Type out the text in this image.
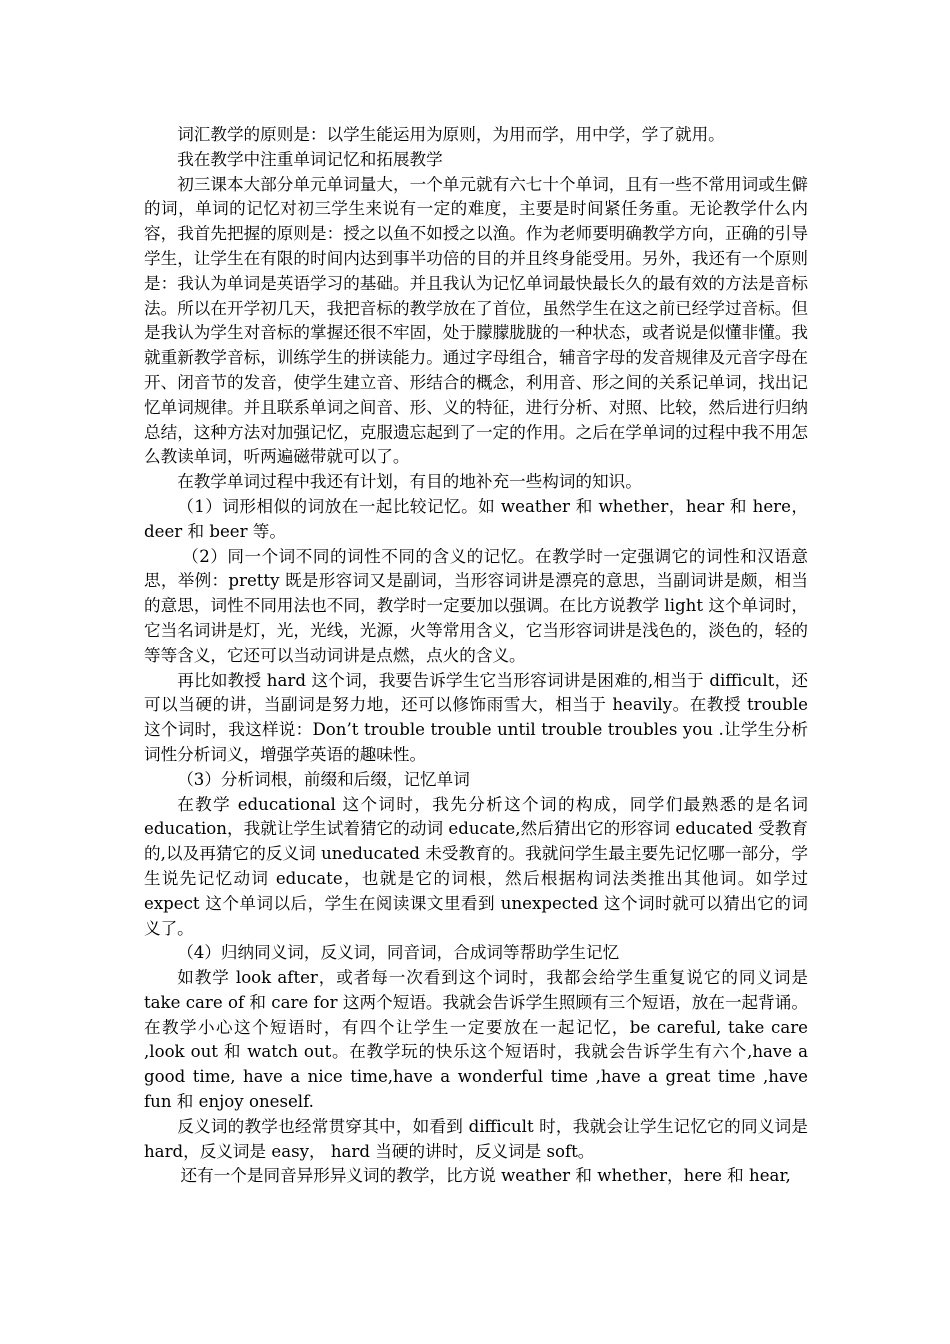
词汇教学的原则是：以学生能运用为原则，为用而学，用中学，学了就用。

我在教学中注重单词记忆和拓展教学

初三课本大部分单元单词量大，一个单元就有六七十个单词，且有一些不常用词或生僻的词，单词的记忆对初三学生来说有一定的难度，主要是时间紧任务重。无论教学什么内容，我首先把握的原则是：授之以鱼不如授之以渔。作为老师要明确教学方向，正确的引导学生，让学生在有限的时间内达到事半功倍的目的并且终身能受用。另外，我还有一个原则是：我认为单词是英语学习的基础。并且我认为记忆单词最快最长久的最有效的方法是音标法。所以在开学初几天，我把音标的教学放在了首位，虽然学生在这之前已经学过音标。但是我认为学生对音标的掌握还很不牢固，处于朦朦胧胧的一种状态，或者说是似懂非懂。我就重新教学音标，训练学生的拼读能力。通过字母组合，辅音字母的发音规律及元音字母在开、闭音节的发音，使学生建立音、形结合的概念，利用音、形之间的关系记单词，找出记忆单词规律。并且联系单词之间音、形、义的特征，进行分析、对照、比较，然后进行归纳总结，这种方法对加强记忆，克服遗忘起到了一定的作用。之后在学单词的过程中我不用怎么教读单词，听两遍磁带就可以了。

在教学单词过程中我还有计划，有目的地补充一些构词的知识。

（1）词形相似的词放在一起比较记忆。如 weather 和 whether，hear 和 here，deer 和 beer 等。

（2）同一个词不同的词性不同的含义的记忆。在教学时一定强调它的词性和汉语意思，举例：pretty 既是形容词又是副词，当形容词讲是漂亮的意思，当副词讲是颇，相当的意思，词性不同用法也不同，教学时一定要加以强调。在比方说教学 light 这个单词时，它当名词讲是灯，光，光线，光源，火等常用含义，它当形容词讲是浅色的，淡色的，轻的等等含义，它还可以当动词讲是点燃，点火的含义。

再比如教授 hard 这个词，我要告诉学生它当形容词讲是困难的,相当于 difficult，还可以当硬的讲，当副词是努力地，还可以修饰雨雪大，相当于 heavily。在教授 trouble 这个词时，我这样说：Don’t trouble trouble until trouble troubles you .让学生分析词性分析词义，增强学英语的趣味性。

（3）分析词根，前缀和后缀，记忆单词

在教学 educational 这个词时，我先分析这个词的构成，同学们最熟悉的是名词 education，我就让学生试着猜它的动词 educate,然后猜出它的形容词 educated 受教育的,以及再猜它的反义词 uneducated 未受教育的。我就问学生最主要先记忆哪一部分，学生说先记忆动词 educate，也就是它的词根，然后根据构词法类推出其他词。如学过 expect 这个单词以后，学生在阅读课文里看到 unexpected 这个词时就可以猜出它的词义了。

（4）归纳同义词，反义词，同音词，合成词等帮助学生记忆

如教学 look after，或者每一次看到这个词时，我都会给学生重复说它的同义词是 take care of 和 care for 这两个短语。我就会告诉学生照顾有三个短语，放在一起背诵。在教学小心这个短语时，有四个让学生一定要放在一起记忆，be careful, take care ,look out 和 watch out。在教学玩的快乐这个短语时，我就会告诉学生有六个,have a good time, have a nice time,have a wonderful time ,have a great time ,have fun 和 enjoy oneself.

反义词的教学也经常贯穿其中，如看到 difficult 时，我就会让学生记忆它的同义词是 hard，反义词是 easy， hard 当硬的讲时，反义词是 soft。

还有一个是同音异形异义词的教学，比方说 weather 和 whether，here 和 hear,
